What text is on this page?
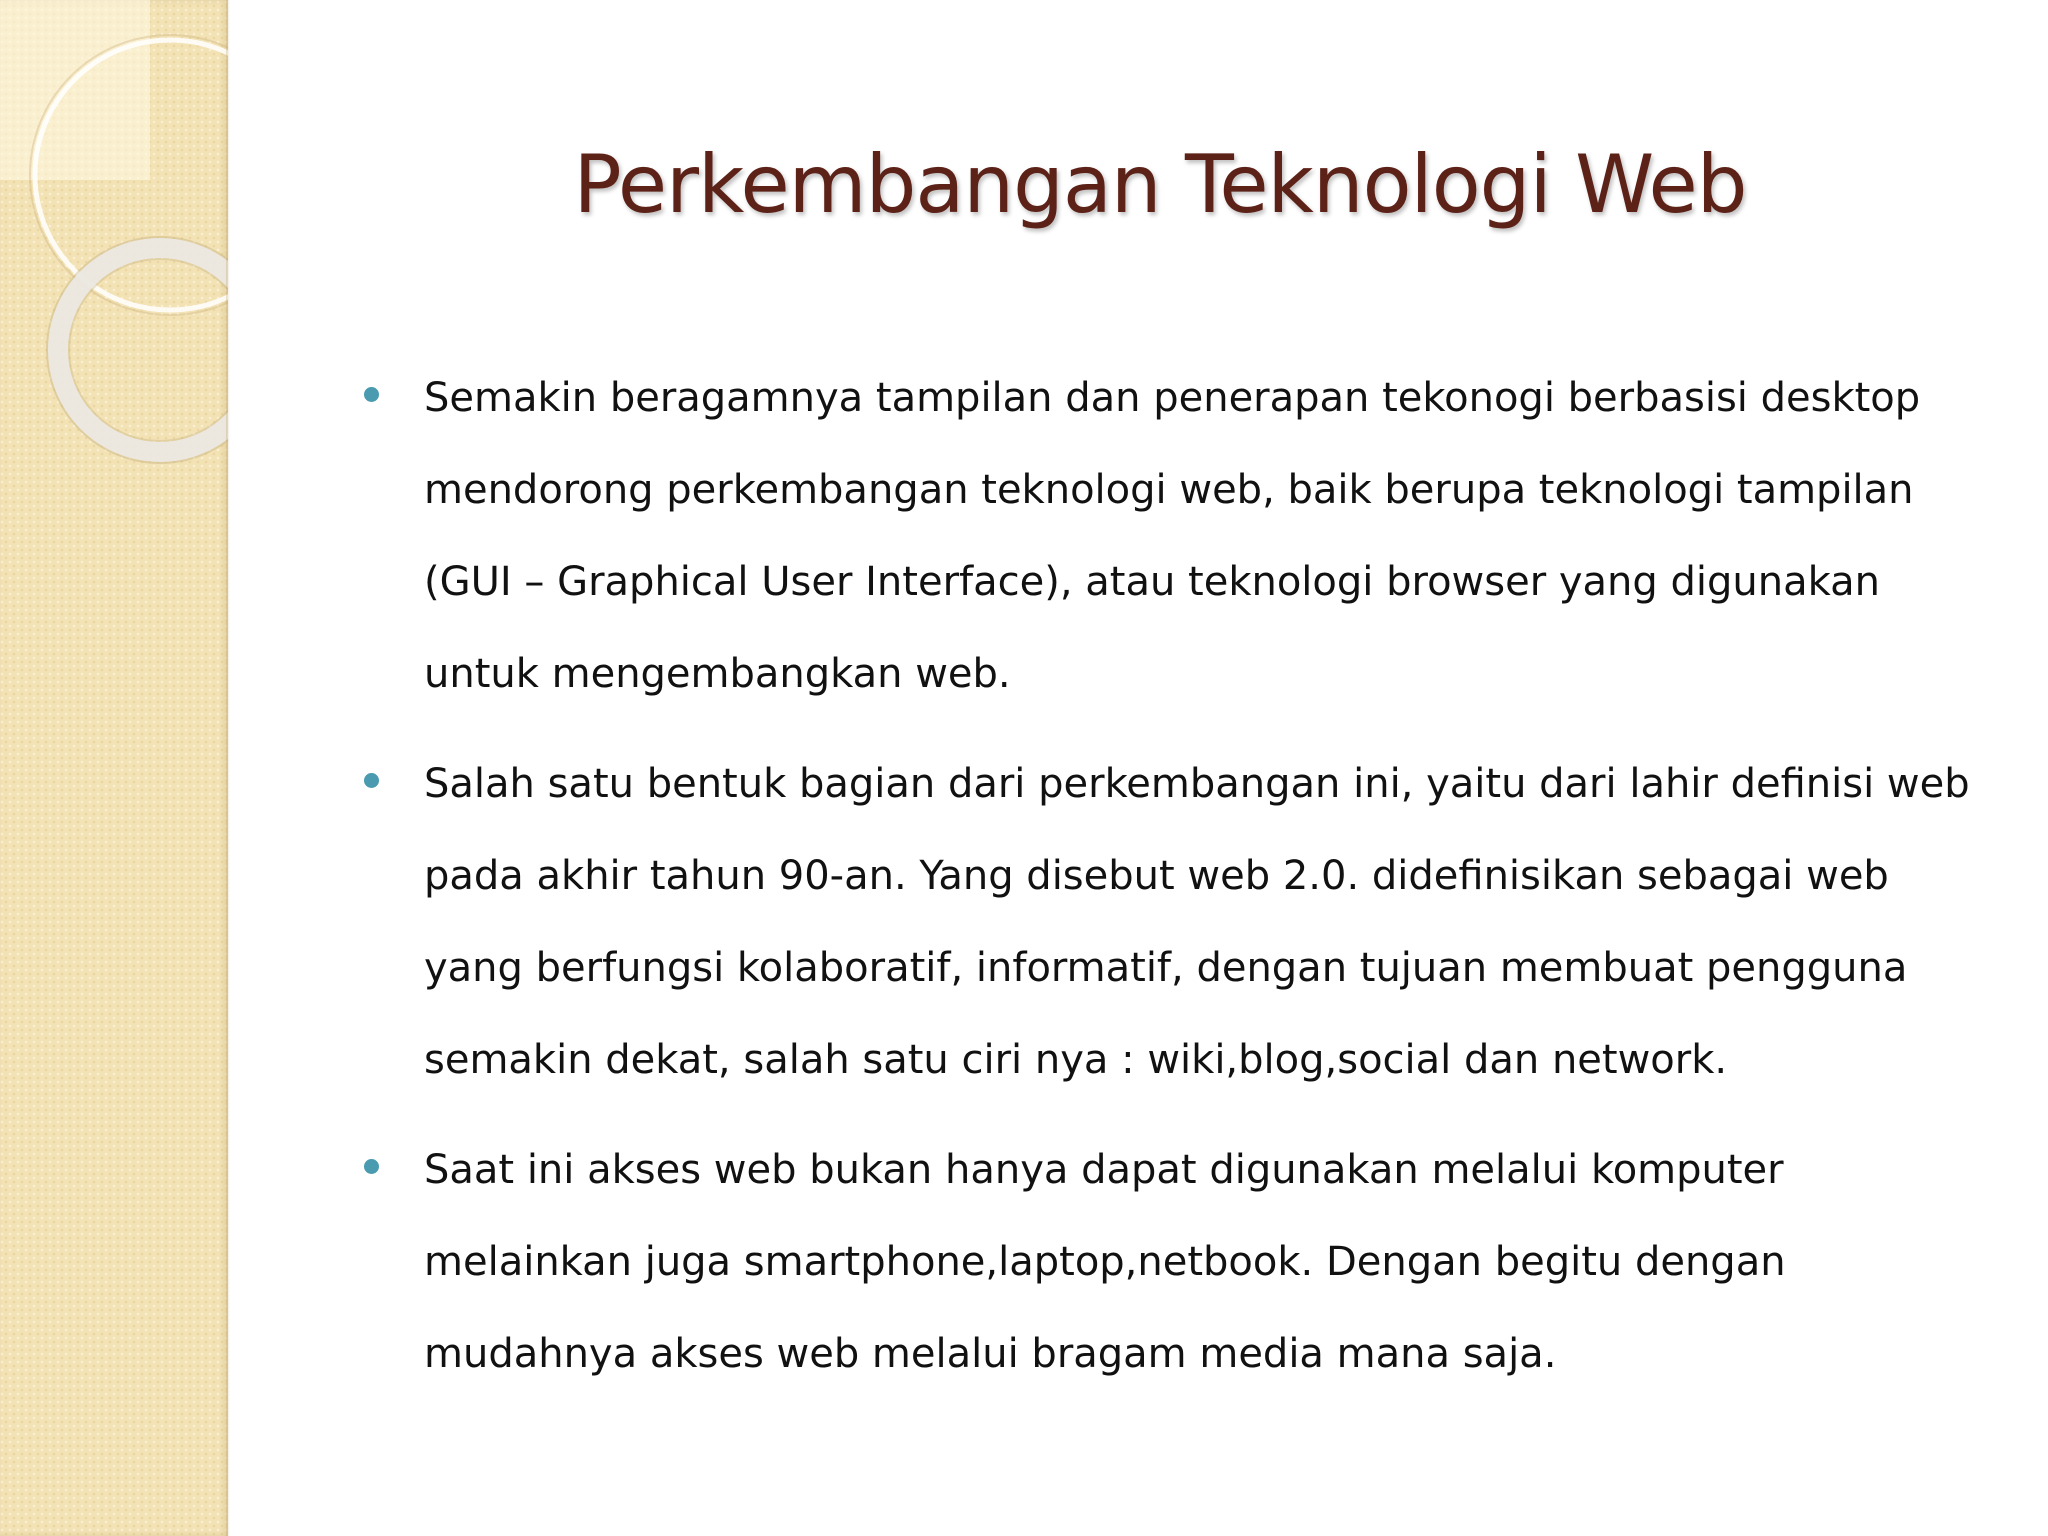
Perkembangan Teknologi Web
Semakin beragamnya tampilan dan penerapan tekonogi berbasisi desktop
mendorong perkembangan teknologi web, baik berupa teknologi tampilan
(GUI – Graphical User Interface), atau teknologi browser yang digunakan
untuk mengembangkan web.
Salah satu bentuk bagian dari perkembangan ini, yaitu dari lahir definisi web
pada akhir tahun 90-an. Yang disebut web 2.0. didefinisikan sebagai web
yang berfungsi kolaboratif, informatif, dengan tujuan membuat pengguna
semakin dekat, salah satu ciri nya : wiki,blog,social dan network.
Saat ini akses web bukan hanya dapat digunakan melalui komputer
melainkan juga smartphone,laptop,netbook. Dengan begitu dengan
mudahnya akses web melalui bragam media mana saja.
